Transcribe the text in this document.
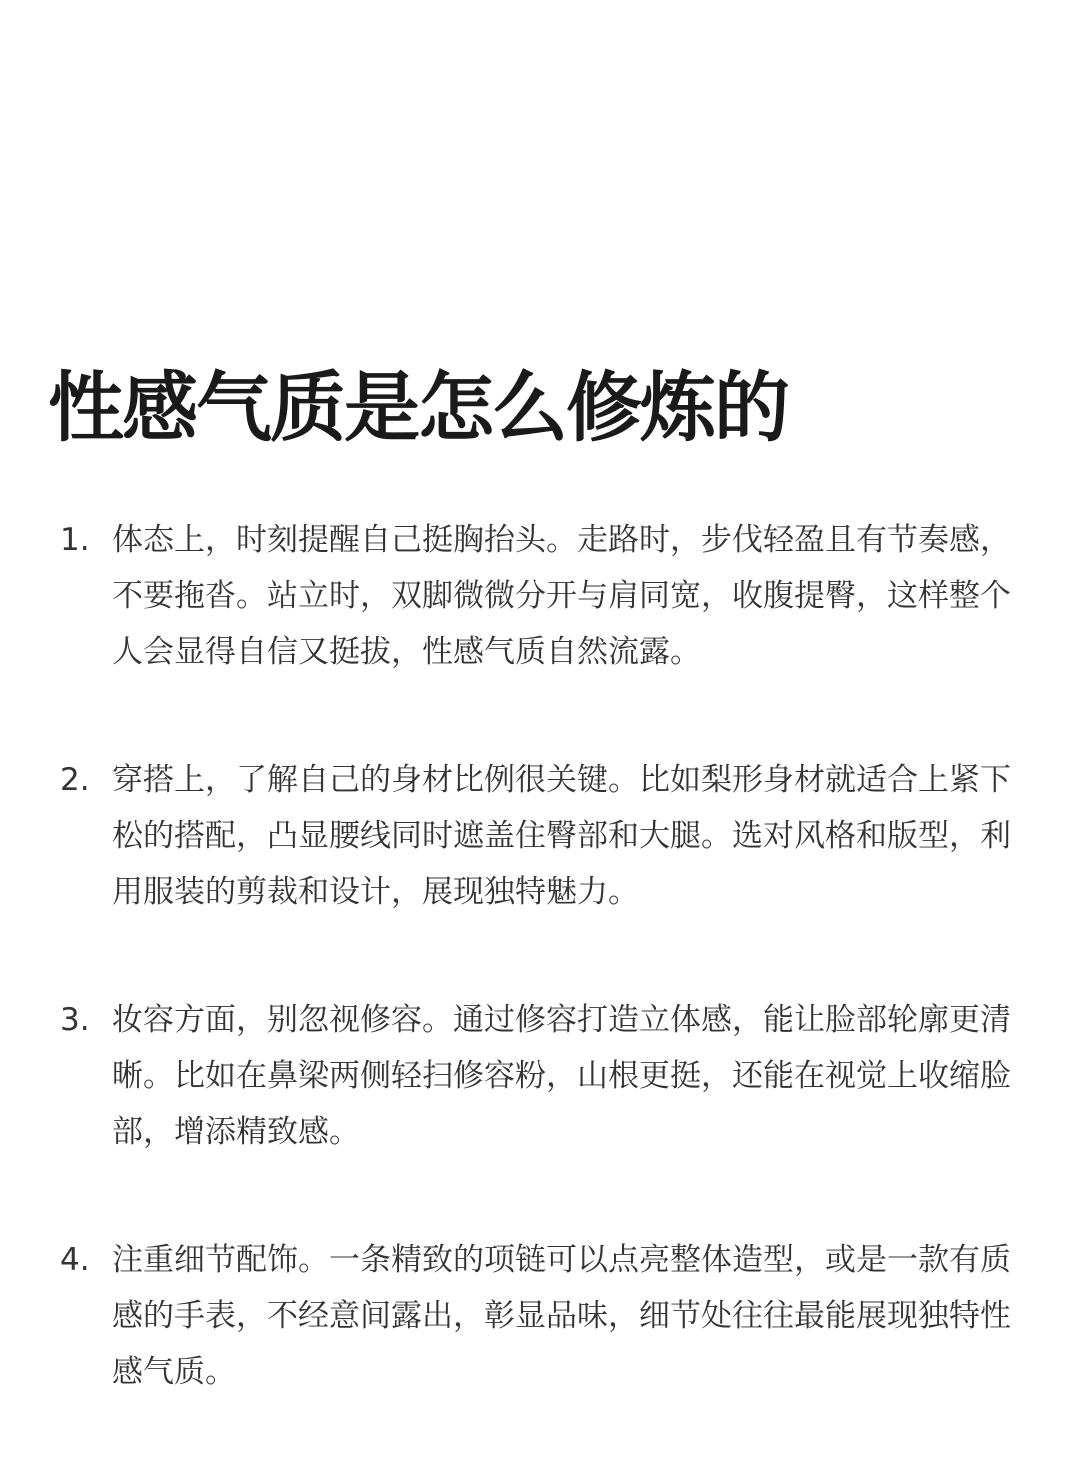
性感气质是怎么修炼的
1. 体态上，时刻提醒自己挺胸抬头。走路时，步伐轻盈且有节奏感，不要拖沓。站立时，双脚微微分开与肩同宽，收腹提臀，这样整个人会显得自信又挺拔，性感气质自然流露。
2. 穿搭上，了解自己的身材比例很关键。比如梨形身材就适合上紧下松的搭配，凸显腰线同时遮盖住臀部和大腿。选对风格和版型，利用服装的剪裁和设计，展现独特魅力。
3. 妆容方面，别忽视修容。通过修容打造立体感，能让脸部轮廓更清晰。比如在鼻梁两侧轻扫修容粉，山根更挺，还能在视觉上收缩脸部，增添精致感。
4. 注重细节配饰。一条精致的项链可以点亮整体造型，或是一款有质感的手表，不经意间露出，彰显品味，细节处往往最能展现独特性感气质。
